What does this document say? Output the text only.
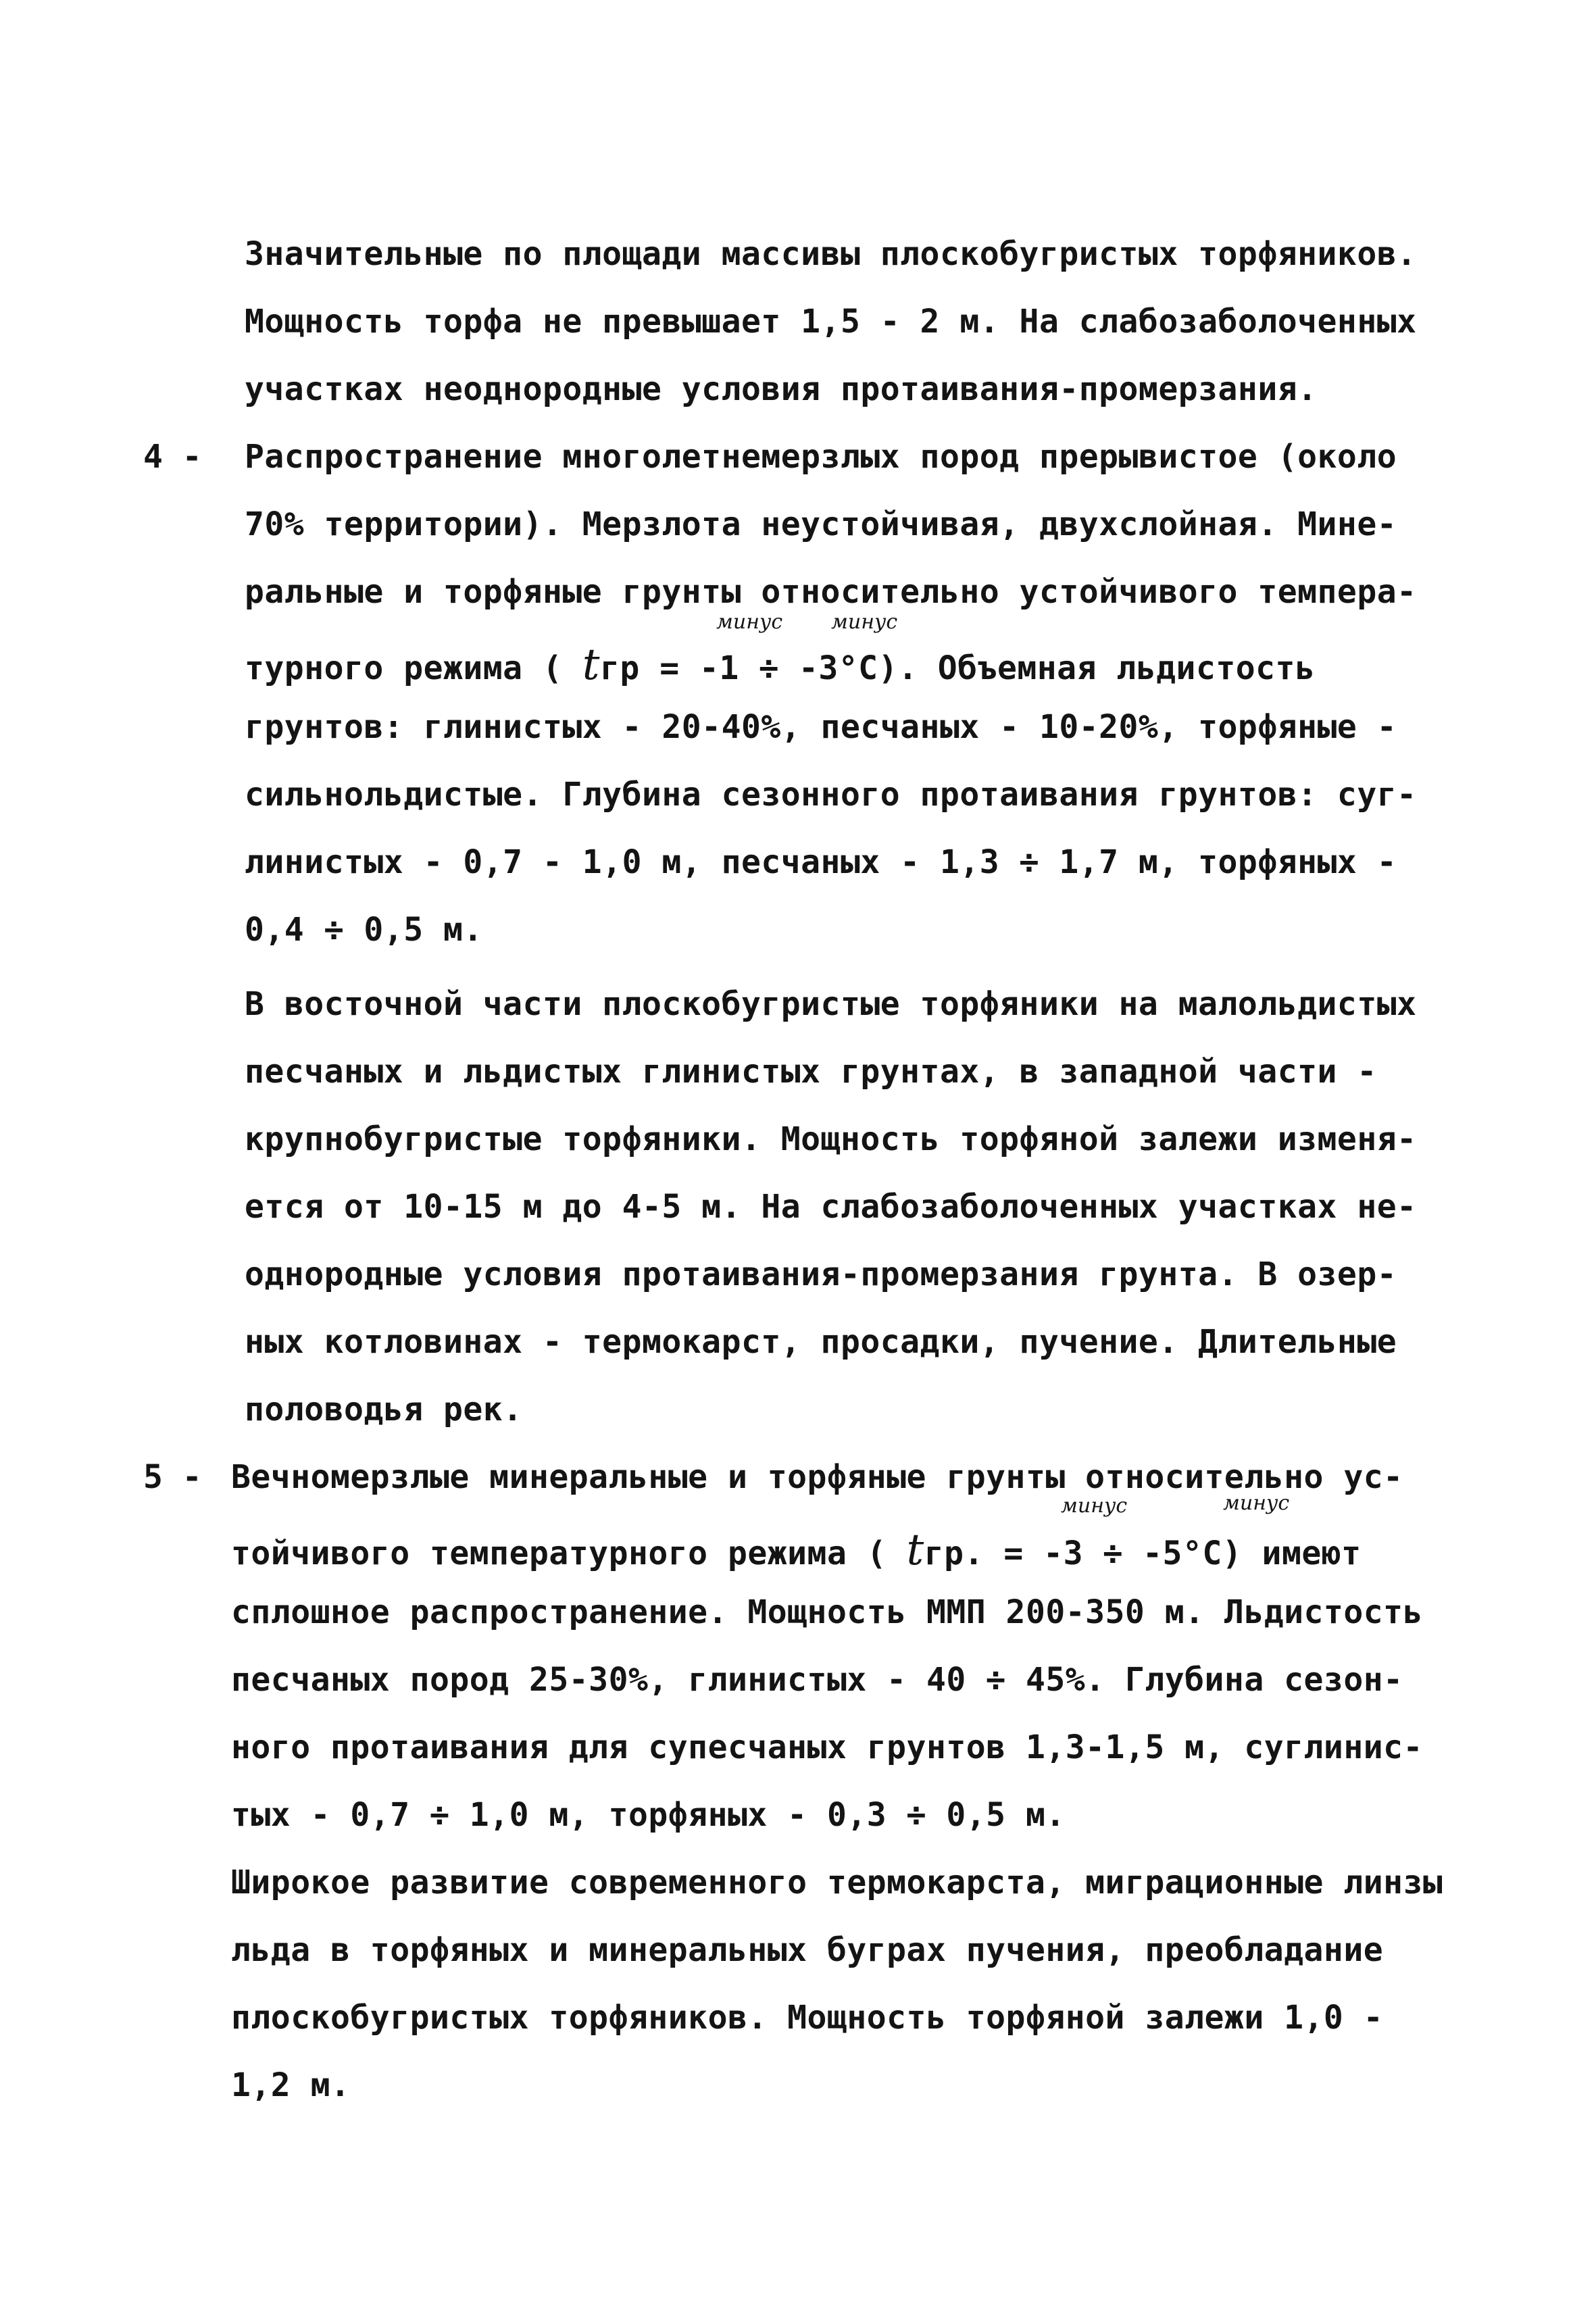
Значительные по площади массивы плоскобугристых торфяников.
Мощность торфа не превышает 1,5 - 2 м. На слабозаболоченных
участках неоднородные условия протаивания-промерзания.
4 - Распространение многолетнемерзлых пород прерывистое (около
70% территории). Мерзлота неустойчивая, двухслойная. Мине-
ральные и торфяные грунты относительно устойчивого темпера-
минус минус
турного режима ( tгр = -1 ÷ -3°C). Объемная льдистость
грунтов: глинистых - 20-40%, песчаных - 10-20%, торфяные -
сильнольдистые. Глубина сезонного протаивания грунтов: суг-
линистых - 0,7 - 1,0 м, песчаных - 1,3 ÷ 1,7 м, торфяных -
0,4 ÷ 0,5 м.
В восточной части плоскобугристые торфяники на малольдистых
песчаных и льдистых глинистых грунтах, в западной части -
крупнобугристые торфяники. Мощность торфяной залежи изменя-
ется от 10-15 м до 4-5 м. На слабозаболоченных участках не-
однородные условия протаивания-промерзания грунта. В озер-
ных котловинах - термокарст, просадки, пучение. Длительные
половодья рек.
5 - Вечномерзлые минеральные и торфяные грунты относительно ус-
минус	минус
тойчивого температурного режима ( tгр. = -3 ÷ -5°C) имеют
сплошное распространение. Мощность ММП 200-350 м. Льдистость
песчаных пород 25-30%, глинистых - 40 ÷ 45%. Глубина сезон-
ного протаивания для супесчаных грунтов 1,3-1,5 м, суглинис-
тых - 0,7 ÷ 1,0 м, торфяных - 0,3 ÷ 0,5 м.
Широкое развитие современного термокарста, миграционные линзы
льда в торфяных и минеральных буграх пучения, преобладание
плоскобугристых торфяников. Мощность торфяной залежи 1,0 -
1,2 м.
